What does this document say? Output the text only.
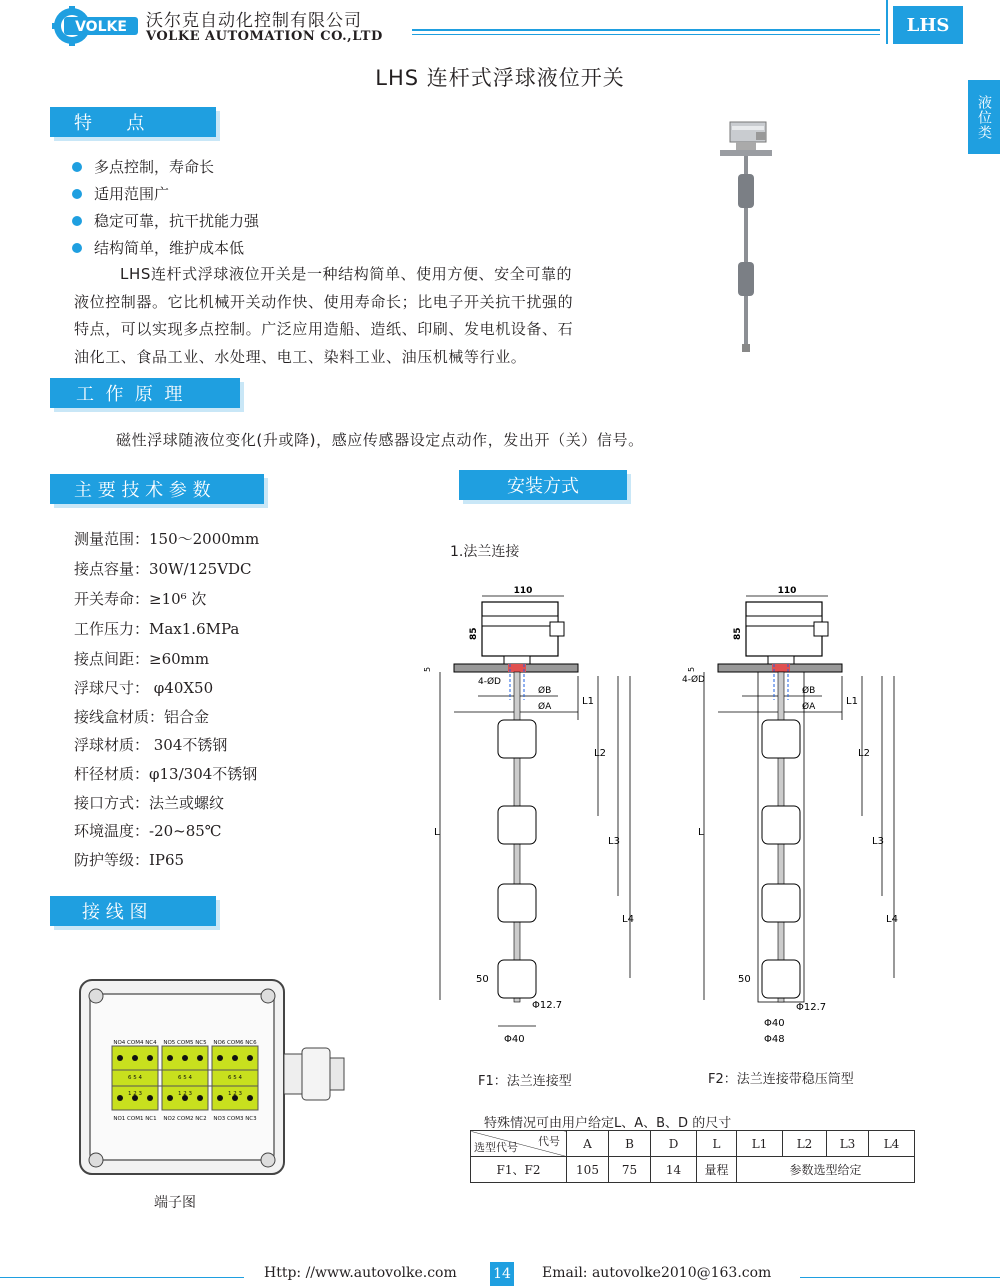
VOLKE 沃尔克自动化控制有限公司
VOLKE AUTOMATION CO.,LTD
LHS
液位类
LHS 连杆式浮球液位开关
特      点
多点控制，寿命长
适用范围广
稳定可靠，抗干扰能力强
结构简单，维护成本低
LHS连杆式浮球液位开关是一种结构简单、使用方便、安全可靠的
液位控制器。它比机械开关动作快、使用寿命长；比电子开关抗干扰强的
特点，可以实现多点控制。广泛应用造船、造纸、印刷、发电机设备、石
油化工、食品工业、水处理、电工、染料工业、油压机械等行业。
工  作  原  理
磁性浮球随液位变化(升或降)，感应传感器设定点动作，发出开（关）信号。
主 要 技 术 参 数
测量范围：150～2000mm
接点容量：30W/125VDC
开关寿命：≥10⁶ 次
工作压力：Max1.6MPa
接点间距：≥60mm
浮球尺寸： φ40X50
接线盒材质：铝合金
浮球材质： 304不锈钢
杆径材质：φ13/304不锈钢
接口方式：法兰或螺纹
环境温度：-20~85℃
防护等级：IP65
接 线 图
NO4 COM4 NC4 NO5 COM5 NC5 NO6 COM6 NC6
NO1 COM1 NC1 NO2 COM2 NC2 NO3 COM3 NC3
6 5 4	6 5 4	6 5 4
1 2 3	1 2 3	1 2 3
端子图
安装方式
1.法兰连接
110
85
5
4-ØD
ØB
ØA
L
L1
L2
L3
L4
50
Φ12.7
Φ40
F1：法兰连接型
110
85
5
4-ØD
ØB
ØA
L
L1
L2
L3
L4
50
Φ12.7
Φ40
Φ48
F2：法兰连接带稳压筒型
特殊情况可由用户给定L、A、B、D 的尺寸
代号
选型代号	A	B	D	L	L1	L2	L3	L4
F1、F2	105	75	14	量程	参数选型给定			
Http: //www.autovolke.com	14 Email: autovolke2010@163.com
